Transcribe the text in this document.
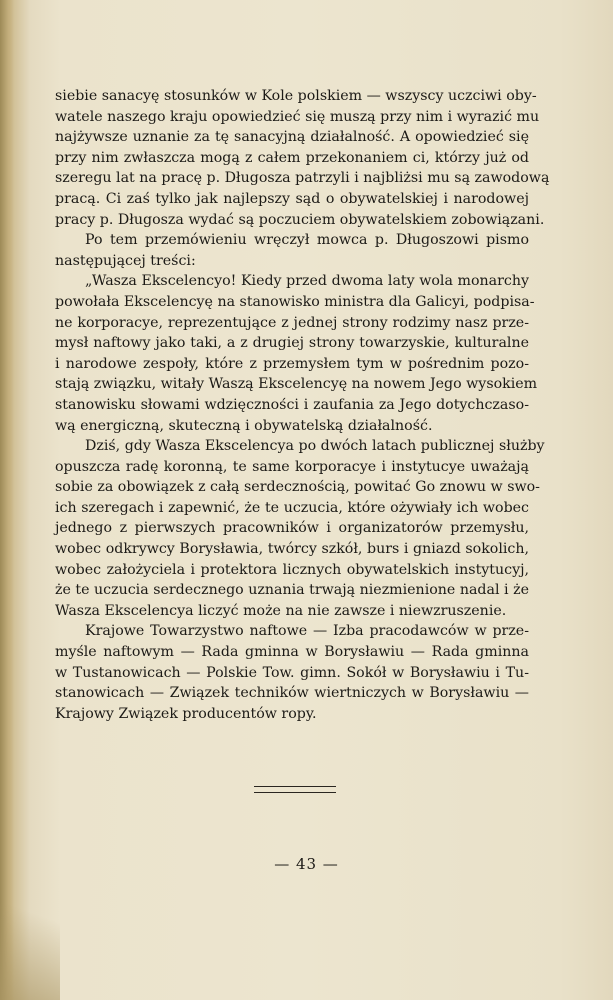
siebie sanacyę stosunków w Kole polskiem — wszyscy uczciwi oby-
watele naszego kraju opowiedzieć się muszą przy nim i wyrazić mu
najżywsze uznanie za tę sanacyjną działalność. A opowiedzieć się
przy nim zwłaszcza mogą z całem przekonaniem ci, którzy już od
szeregu lat na pracę p. Długosza patrzyli i najbliżsi mu są zawodową
pracą. Ci zaś tylko jak najlepszy sąd o obywatelskiej i narodowej
pracy p. Długosza wydać są poczuciem obywatelskiem zobowiązani.
Po tem przemówieniu wręczył mowca p. Długoszowi pismo
następującej treści:
„Wasza Ekscelencyo! Kiedy przed dwoma laty wola monarchy
powołała Ekscelencyę na stanowisko ministra dla Galicyi, podpisa-
ne korporacye, reprezentujące z jednej strony rodzimy nasz prze-
mysł naftowy jako taki, a z drugiej strony towarzyskie, kulturalne
i narodowe zespoły, które z przemysłem tym w pośrednim pozo-
stają związku, witały Waszą Ekscelencyę na nowem Jego wysokiem
stanowisku słowami wdzięczności i zaufania za Jego dotychczaso-
wą energiczną, skuteczną i obywatelską działalność.
Dziś, gdy Wasza Ekscelencya po dwóch latach publicznej służby
opuszcza radę koronną, te same korporacye i instytucye uważają
sobie za obowiązek z całą serdecznością, powitać Go znowu w swo-
ich szeregach i zapewnić, że te uczucia, które ożywiały ich wobec
jednego z pierwszych pracowników i organizatorów przemysłu,
wobec odkrywcy Borysławia, twórcy szkół, burs i gniazd sokolich,
wobec założyciela i protektora licznych obywatelskich instytucyj,
że te uczucia serdecznego uznania trwają niezmienione nadal i że
Wasza Ekscelencya liczyć może na nie zawsze i niewzruszenie.
Krajowe Towarzystwo naftowe — Izba pracodawców w prze-
myśle naftowym — Rada gminna w Borysławiu — Rada gminna
w Tustanowicach — Polskie Tow. gimn. Sokół w Borysławiu i Tu-
stanowicach — Związek techników wiertniczych w Borysławiu —
Krajowy Związek producentów ropy.
— 43 —
